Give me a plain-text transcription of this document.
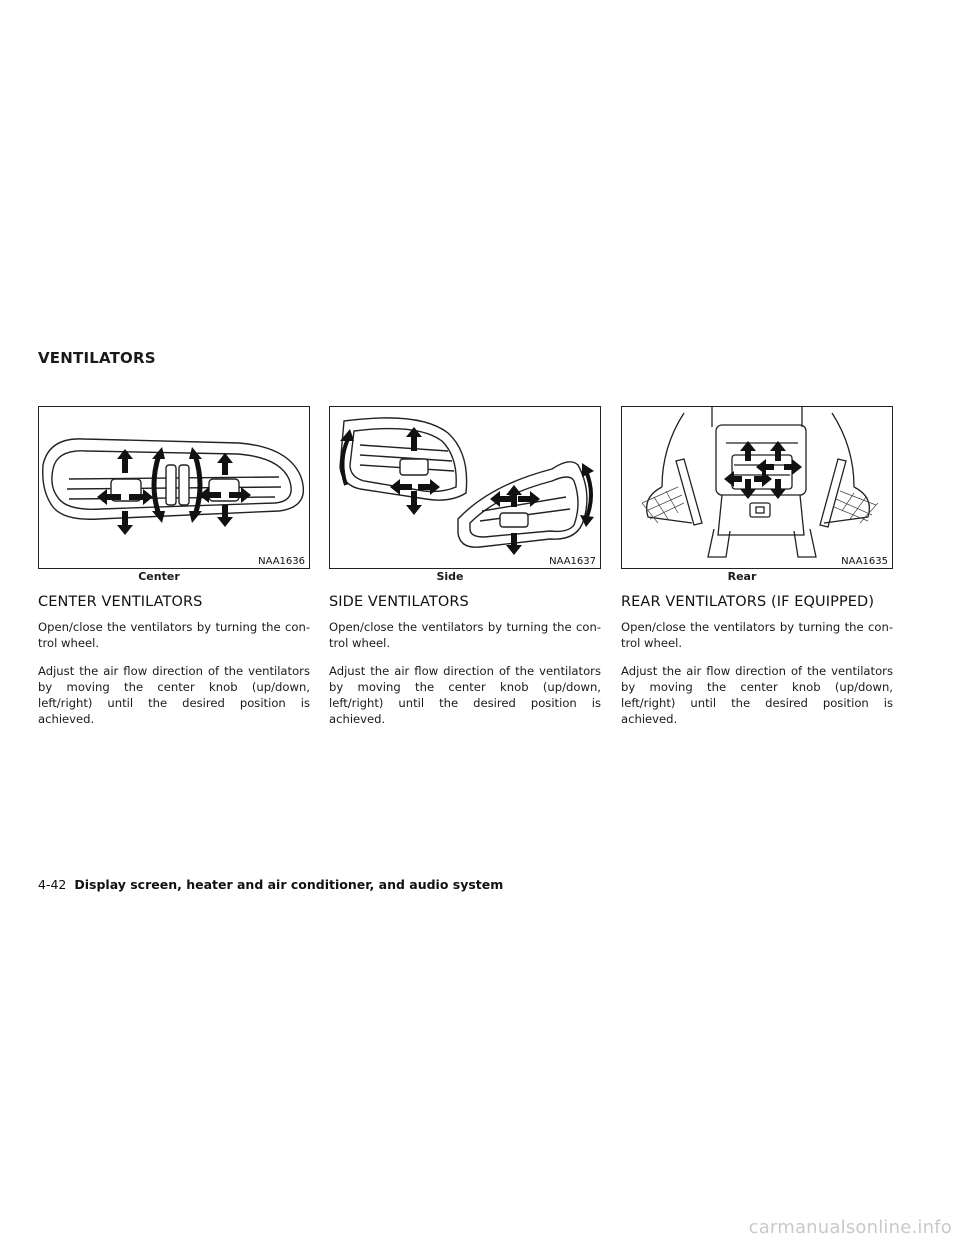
VENTILATORS
NAA1636
Center
CENTER VENTILATORS

Open/close the ventilators by turning the con-trol wheel.

Adjust the air flow direction of the ventilators by moving the center knob (up/down, left/right) until the desired position is achieved.

NAA1637
Side
SIDE VENTILATORS

Open/close the ventilators by turning the con-trol wheel.

Adjust the air flow direction of the ventilators by moving the center knob (up/down, left/right) until the desired position is achieved.

NAA1635
Rear
REAR VENTILATORS (IF EQUIPPED)

Open/close the ventilators by turning the con-trol wheel.

Adjust the air flow direction of the ventilators by moving the center knob (up/down, left/right) until the desired position is achieved.

4-42 Display screen, heater and air conditioner, and audio system
carmanualsonline.info
